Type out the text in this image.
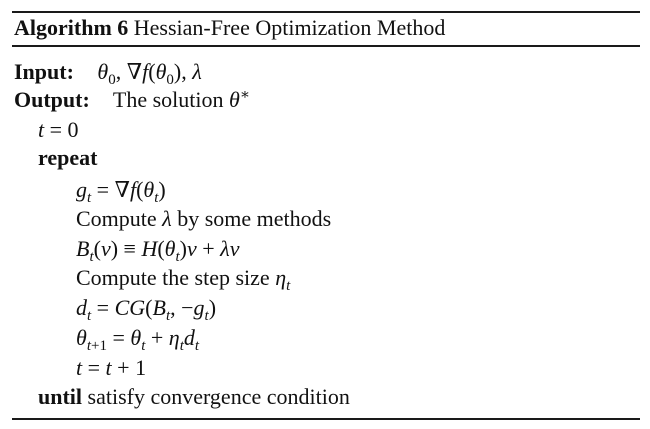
Algorithm 6 Hessian-Free Optimization Method
Input: $\theta_0$, $\nabla f(\theta_0)$, λ
Output: The solution θ∗
t = 0
repeat
$g_t = \nabla f(\theta_t)$
Compute λ by some methods
$B_t(v) \equiv H(\theta_t)v + \lambda v$
Compute the step size $\eta_t$
$d_t = CG(B_t$, $-g_t$)
$\theta_{t+1} = \theta_t + \eta_td_t$
t = t + 1
until satisfy convergence condition
